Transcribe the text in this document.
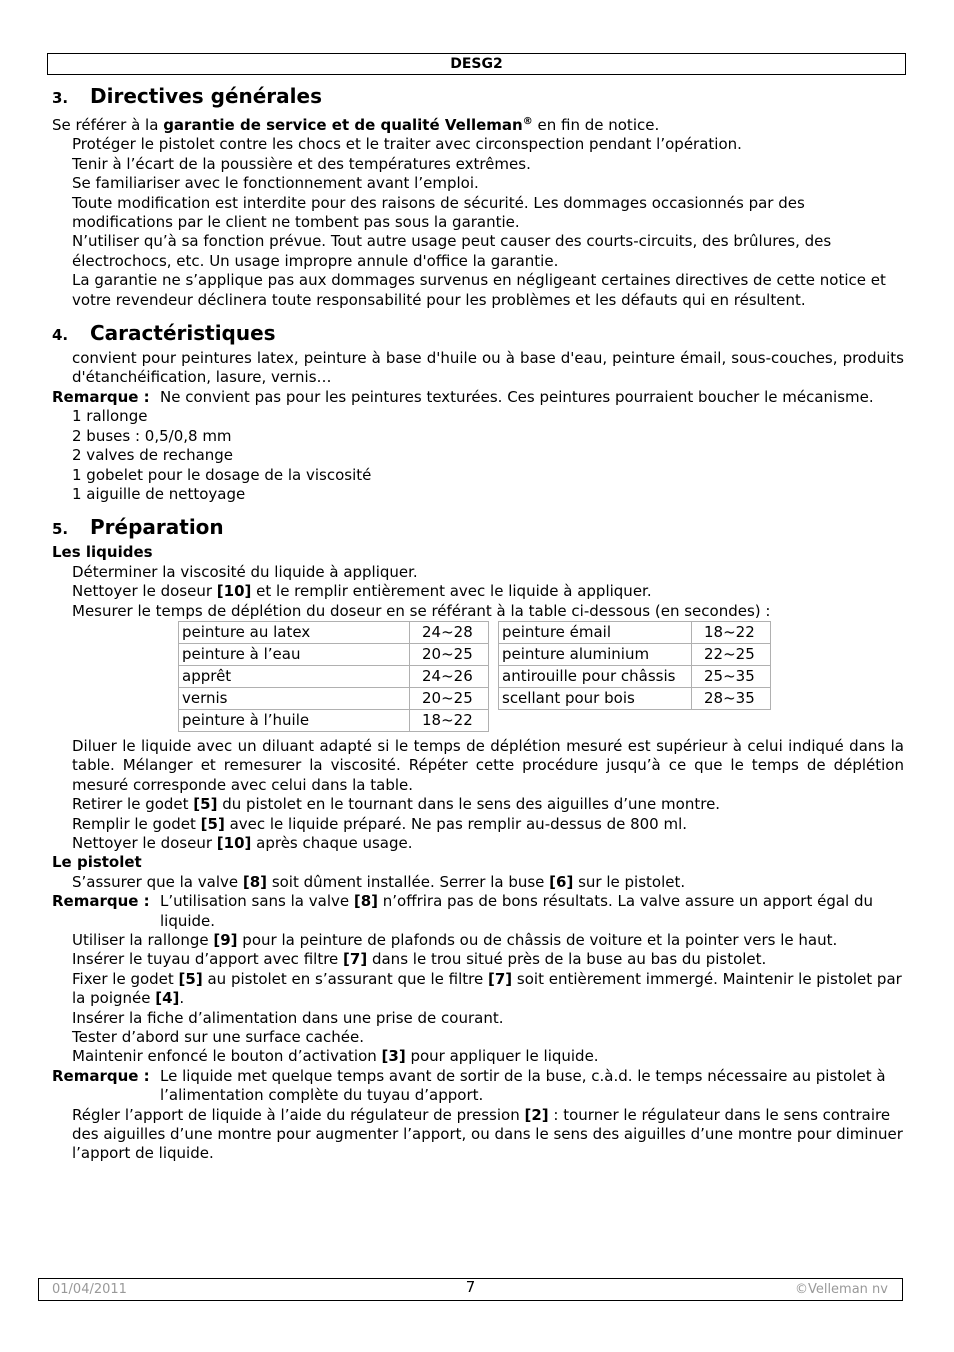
DESG2
3.	Directives générales
Se référer à la garantie de service et de qualité Velleman® en fin de notice.
Protéger le pistolet contre les chocs et le traiter avec circonspection pendant l’opération.
Tenir à l’écart de la poussière et des températures extrêmes.
Se familiariser avec le fonctionnement avant l’emploi.
Toute modification est interdite pour des raisons de sécurité. Les dommages occasionnés par des modifications par le client ne tombent pas sous la garantie.
N’utiliser qu’à sa fonction prévue. Tout autre usage peut causer des courts-circuits, des brûlures, des électrochocs, etc. Un usage impropre annule d'office la garantie.
La garantie ne s’applique pas aux dommages survenus en négligeant certaines directives de cette notice et votre revendeur déclinera toute responsabilité pour les problèmes et les défauts qui en résultent.
4.	Caractéristiques
convient pour peintures latex, peinture à base d'huile ou à base d'eau, peinture émail, sous-couches, produits d'étanchéification, lasure, vernis…
Remarque : Ne convient pas pour les peintures texturées. Ces peintures pourraient boucher le mécanisme.
1 rallonge
2 buses : 0,5/0,8 mm
2 valves de rechange
1 gobelet pour le dosage de la viscosité
1 aiguille de nettoyage
5.	Préparation
Les liquides
Déterminer la viscosité du liquide à appliquer.
Nettoyer le doseur [10] et le remplir entièrement avec le liquide à appliquer.
Mesurer le temps de déplétion du doseur en se référant à la table ci-dessous (en secondes) :
peinture au latex	24~28
peinture à l’eau	20~25
apprêt	24~26
vernis	20~25
peinture à l’huile	18~22
peinture émail	18~22
peinture aluminium	22~25
antirouille pour châssis	25~35
scellant pour bois	28~35
Diluer le liquide avec un diluant adapté si le temps de déplétion mesuré est supérieur à celui indiqué dans la table. Mélanger et remesurer la viscosité. Répéter cette procédure jusqu’à ce que le temps de déplétion mesuré corresponde avec celui dans la table.
Retirer le godet [5] du pistolet en le tournant dans le sens des aiguilles d’une montre.
Remplir le godet [5] avec le liquide préparé. Ne pas remplir au-dessus de 800 ml.
Nettoyer le doseur [10] après chaque usage.
Le pistolet
S’assurer que la valve [8] soit dûment installée. Serrer la buse [6] sur le pistolet.
Remarque : L’utilisation sans la valve [8] n’offrira pas de bons résultats. La valve assure un apport égal du liquide.
Utiliser la rallonge [9] pour la peinture de plafonds ou de châssis de voiture et la pointer vers le haut.
Insérer le tuyau d’apport avec filtre [7] dans le trou situé près de la buse au bas du pistolet.
Fixer le godet [5] au pistolet en s’assurant que le filtre [7] soit entièrement immergé. Maintenir le pistolet par la poignée [4].
Insérer la fiche d’alimentation dans une prise de courant.
Tester d’abord sur une surface cachée.
Maintenir enfoncé le bouton d’activation [3] pour appliquer le liquide.
Remarque : Le liquide met quelque temps avant de sortir de la buse, c.à.d. le temps nécessaire au pistolet à l’alimentation complète du tuyau d’apport.
Régler l’apport de liquide à l’aide du régulateur de pression [2] : tourner le régulateur dans le sens contraire des aiguilles d’une montre pour augmenter l’apport, ou dans le sens des aiguilles d’une montre pour diminuer l’apport de liquide.
01/04/2011	7	©Velleman nv
